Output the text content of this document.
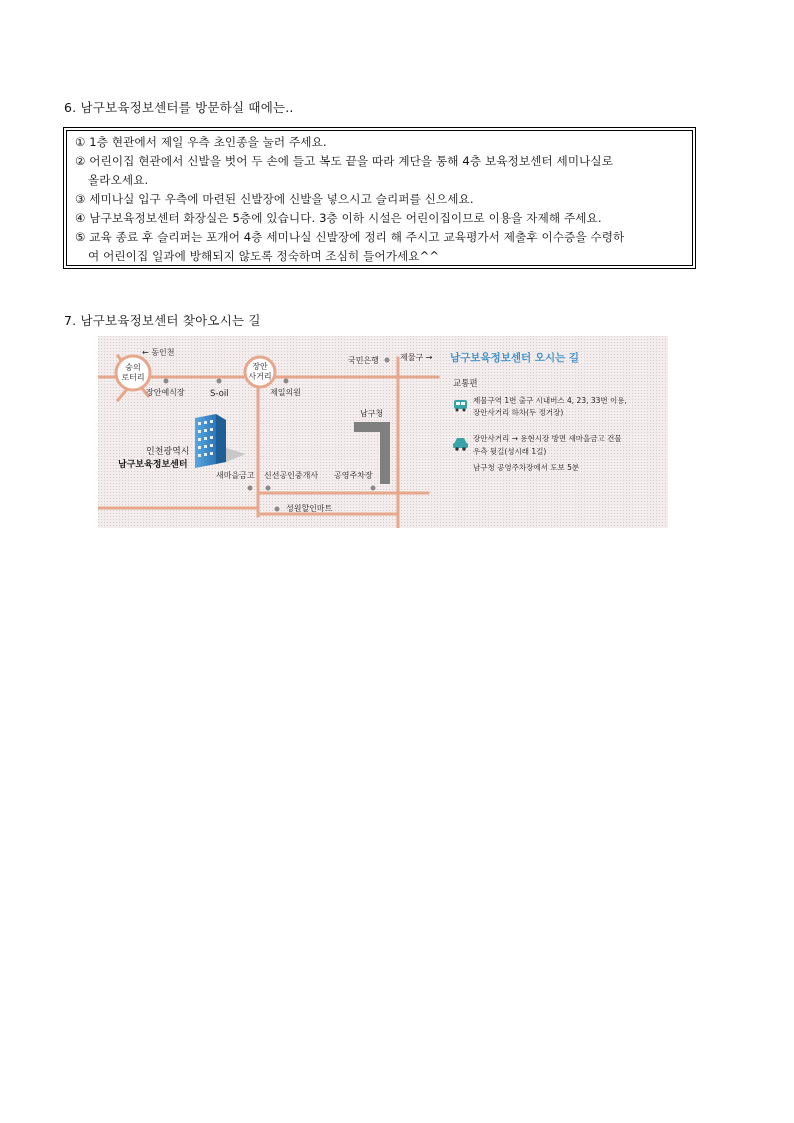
6. 남구보육정보센터를 방문하실 때에는..
① 1층 현관에서 제일 우측 초인종을 눌러 주세요.
② 어린이집 현관에서 신발을 벗어 두 손에 들고 복도 끝을 따라 계단을 통해 4층 보육정보센터 세미나실로
올라오세요.
③ 세미나실 입구 우측에 마련된 신발장에 신발을 넣으시고 슬리퍼를 신으세요.
④ 남구보육정보센터 화장실은 5층에 있습니다. 3층 이하 시설은 어린이집이므로 이용을 자제해 주세요.
⑤ 교육 종료 후 슬리퍼는 포개어 4층 세미나실 신발장에 정리 해 주시고 교육평가서 제출후 이수증을 수령하
여 어린이집 일과에 방해되지 않도록 정숙하며 조심히 들어가세요^^
7. 남구보육정보센터 찾아오시는 길
숭의
로터리
장안
사거리
← 동인천
제물구 →
국민은행
장안예식장	S-oil	제일의원
남구청
인천광역시
남구보육정보센터
새마을금고 신선공인중개사 공영주차장
성원할인마트
남구보육정보센터 오시는 길
교통편
제물구역 1번 출구 시내버스 4, 23, 33번 이용,
장안사거리 하차(두 정거장)
장안사거리 → 용현시장 방면 새마을금고 건물
우측 뒷길(성시래 1길)
남구청 공영주차장에서 도보 5분
